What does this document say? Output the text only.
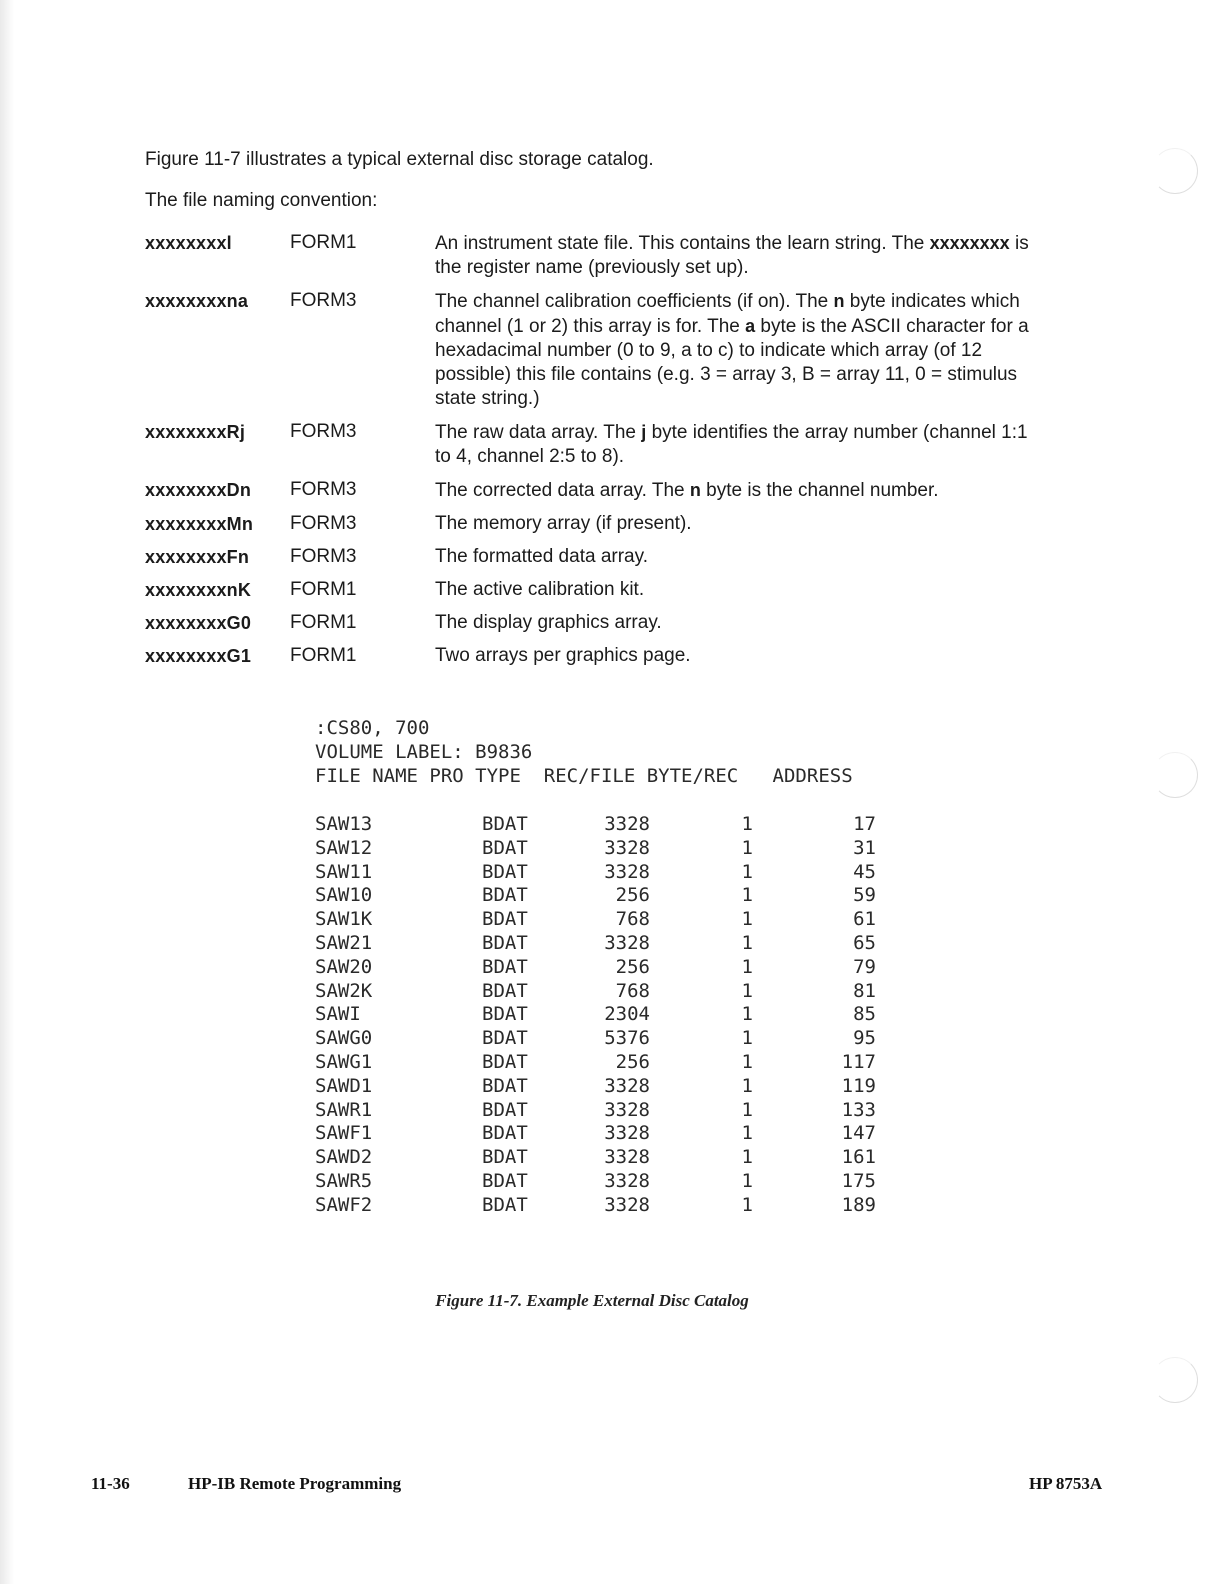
Figure 11-7 illustrates a typical external disc storage catalog.
The file naming convention:
xxxxxxxxl	FORM1	An instrument state file. This contains the learn string. The xxxxxxxx is the register name (previously set up).
xxxxxxxxna FORM3	The channel calibration coefficients (if on). The n byte indicates which channel (1 or 2) this array is for. The a byte is the ASCII character for a hexadacimal number (0 to 9, a to c) to indicate which array (of 12 possible) this file contains (e.g. 3 = array 3, B = array 11, 0 = stimulus state string.)
xxxxxxxxRj FORM3	The raw data array. The j byte identifies the array number (channel 1:1 to 4, channel 2:5 to 8).
xxxxxxxxDn FORM3	The corrected data array. The n byte is the channel number.
xxxxxxxxMn FORM3	The memory array (if present).
xxxxxxxxFn FORM3	The formatted data array.
xxxxxxxxnK FORM1	The active calibration kit.
xxxxxxxxG0 FORM1	The display graphics array.
xxxxxxxxG1 FORM1	Two arrays per graphics page.
:CS80, 700
VOLUME LABEL: B9836
FILE NAME PRO TYPE  REC/FILE BYTE/REC   ADDRESS
SAW13	BDAT	3328	1	17
SAW12	BDAT	3328	1	31
SAW11	BDAT	3328	1	45
SAW10	BDAT	256	1	59
SAW1K	BDAT	768	1	61
SAW21	BDAT	3328	1	65
SAW20	BDAT	256	1	79
SAW2K	BDAT	768	1	81
SAWI	BDAT	2304	1	85
SAWG0	BDAT	5376	1	95
SAWG1	BDAT	256	1	117
SAWD1	BDAT	3328	1	119
SAWR1	BDAT	3328	1	133
SAWF1	BDAT	3328	1	147
SAWD2	BDAT	3328	1	161
SAWR5	BDAT	3328	1	175
SAWF2	BDAT	3328	1	189
Figure 11-7. Example External Disc Catalog
11-36	HP-IB Remote Programming	HP 8753A
